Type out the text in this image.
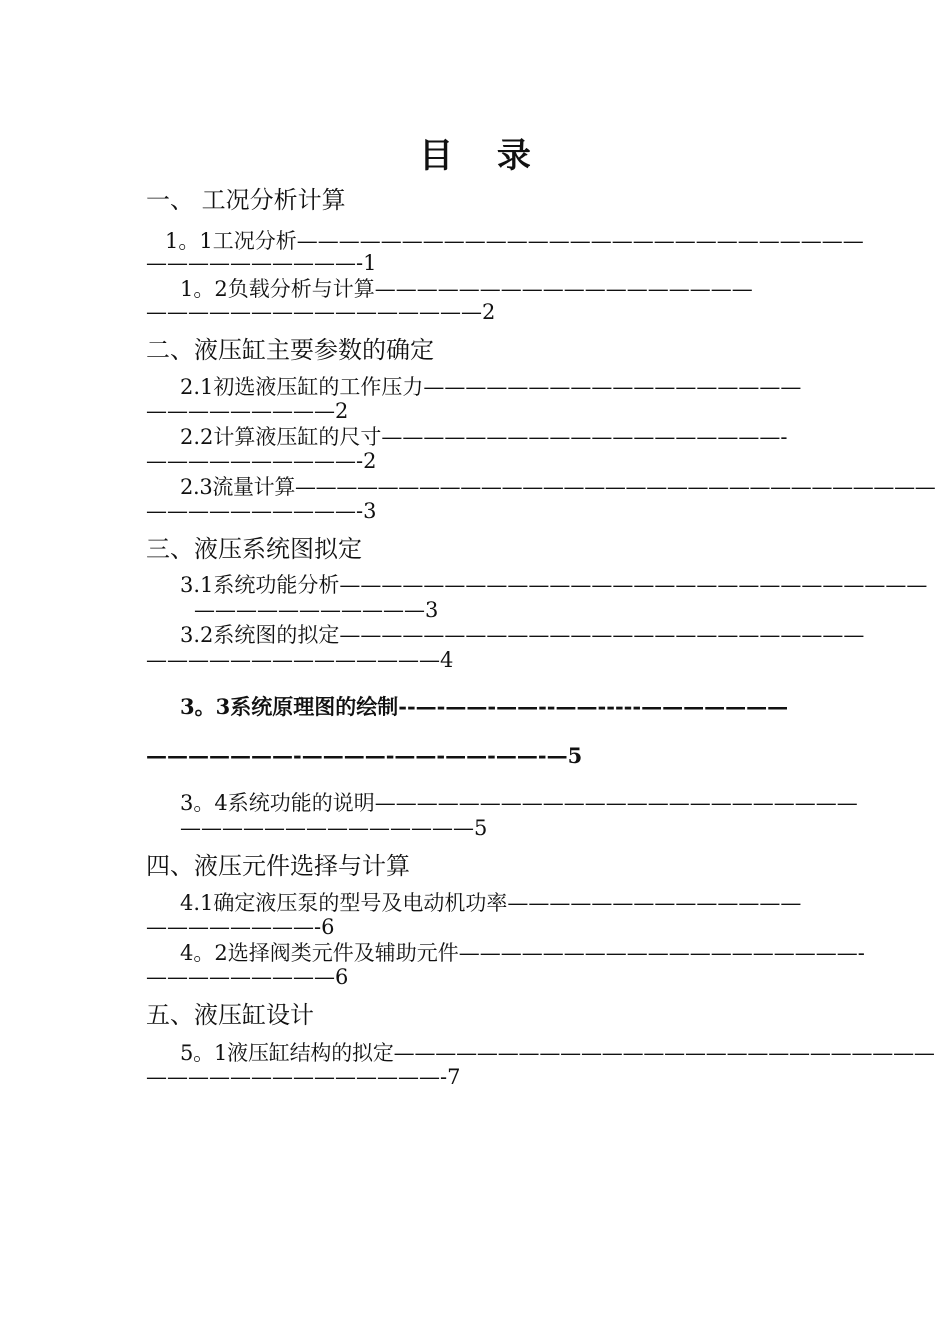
目 录
一、 工况分析计算
1。1工况分析———————————————————————————
——————————-1
1。2负载分析与计算——————————————————
————————————————2
二、液压缸主要参数的确定
2.1初选液压缸的工作压力——————————————————
—————————2
2.2计算液压缸的尺寸———————————————————-
——————————-2
2.3流量计算———————————————————————————————
——————————-3
三、液压系统图拟定
3.1系统功能分析————————————————————————————
———————————3
3.2系统图的拟定—————————————————————————
——————————————4
3。3系统原理图的绘制--—-——-——--——-----———————
———————-————-——-——-——-—5
3。4系统功能的说明———————————————————————
——————————————5
四、液压元件选择与计算
4.1确定液压泵的型号及电动机功率——————————————
————————-6
4。2选择阀类元件及辅助元件———————————————————-
—————————6
五、液压缸设计
5。1液压缸结构的拟定——————————————————————————
——————————————-7
